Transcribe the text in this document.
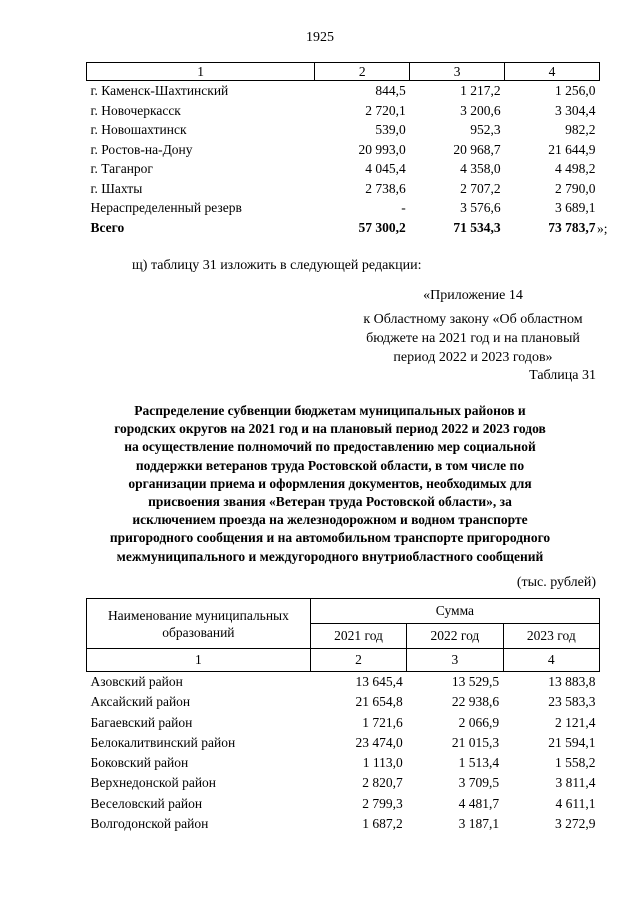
1925
1	2	3	4
г. Каменск-Шахтинский	844,5	1 217,2	1 256,0
г. Новочеркасск	2 720,1	3 200,6	3 304,4
г. Новошахтинск	539,0	952,3	982,2
г. Ростов-на-Дону	20 993,0	20 968,7	21 644,9
г. Таганрог	4 045,4	4 358,0	4 498,2
г. Шахты	2 738,6	2 707,2	2 790,0
Нераспределенный резерв	-	3 576,6	3 689,1
Всего	57 300,2	71 534,3	73 783,7 »;
щ) таблицу 31 изложить в следующей редакции:
«Приложение 14
к Областному закону «Об областном
бюджете на 2021 год и на плановый
период 2022 и 2023 годов»
Таблица 31
Распределение субвенции бюджетам муниципальных районов и
городских округов на 2021 год и на плановый период 2022 и 2023 годов
на осуществление полномочий по предоставлению мер социальной
поддержки ветеранов труда Ростовской области, в том числе по
организации приема и оформления документов, необходимых для
присвоения звания «Ветеран труда Ростовской области», за
исключением проезда на железнодорожном и водном транспорте
пригородного сообщения и на автомобильном транспорте пригородного
межмуниципального и междугородного внутриобластного сообщений
(тыс. рублей)
Наименование муниципальных образований	Сумма		
	2021 год	2022 год	2023 год
1	2	3	4
Азовский район	13 645,4	13 529,5	13 883,8
Аксайский район	21 654,8	22 938,6	23 583,3
Багаевский район	1 721,6	2 066,9	2 121,4
Белокалитвинский район	23 474,0	21 015,3	21 594,1
Боковский район	1 113,0	1 513,4	1 558,2
Верхнедонской район	2 820,7	3 709,5	3 811,4
Веселовский район	2 799,3	4 481,7	4 611,1
Волгодонской район	1 687,2	3 187,1	3 272,9
